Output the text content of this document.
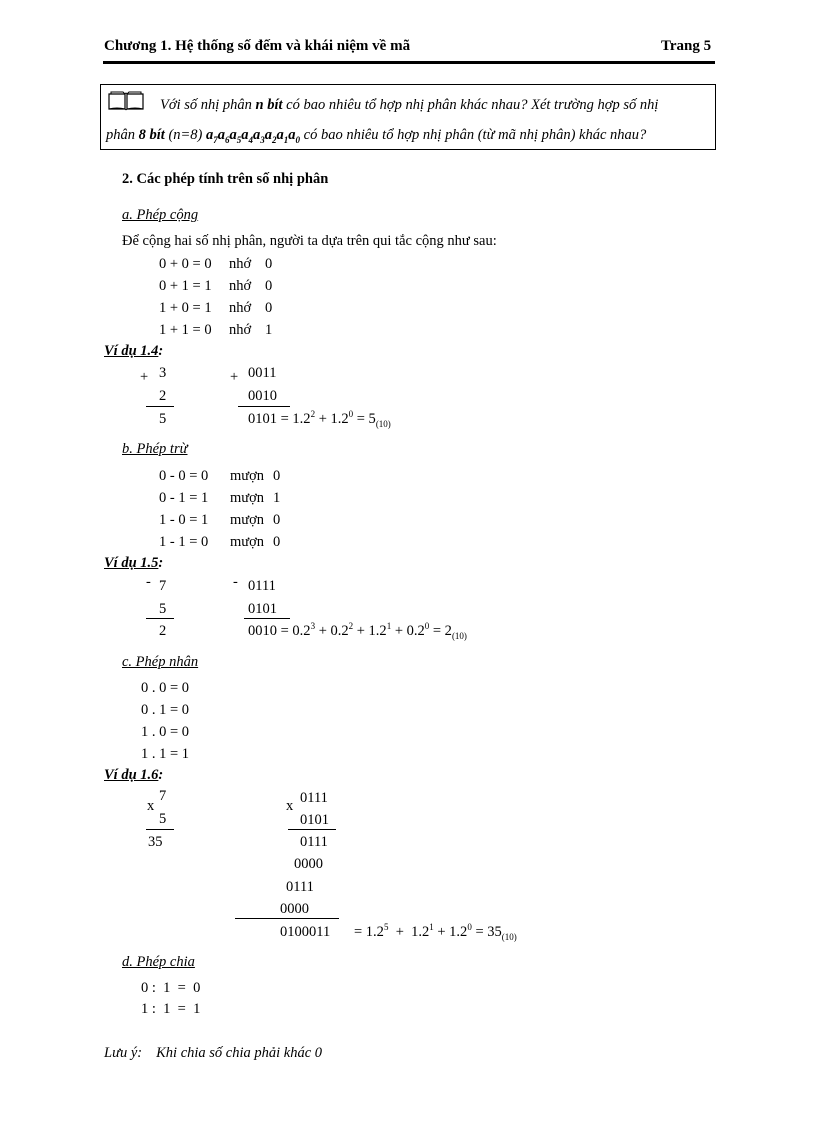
Chương 1. Hệ thống số đếm và khái niệm về mã	Trang 5
Với số nhị phân n bít có bao nhiêu tổ hợp nhị phân khác nhau? Xét trường hợp số nhị
phân 8 bít (n=8) $a_7a_6a_5a_4a_3a_2a_1a_0$ có bao nhiêu tổ hợp nhị phân (từ mã nhị phân) khác nhau?
2. Các phép tính trên số nhị phân
a. Phép cộng
Để cộng hai số nhị phân, người ta dựa trên qui tắc cộng như sau:
0 + 0 = 0 nhớ 0
0 + 1 = 1 nhớ 0
1 + 0 = 1 nhớ 0
1 + 1 = 0 nhớ 1
Ví dụ 1.4:
+ 3
2
5
+ 0011
0010
$0101 = 1.2^2 + 1.2^0 = 5_{(10)}$
b. Phép trừ
0 - 0 = 0 mượn 0
0 - 1 = 1 mượn 1
1 - 0 = 1 mượn 0
1 - 1 = 0 mượn 0
Ví dụ 1.5:
- 7
5
2
- 0111
0101
$0010 = 0.2^3 + 0.2^2 + 1.2^1 + 0.2^0 = 2_{(10)}$
c. Phép nhân
0 . 0 = 0
0 . 1 = 0
1 . 0 = 0
1 . 1 = 1
Ví dụ 1.6:
x
7
5
35
x 0111
0101
0111
0000
0111
0000
$0100011 = 1.2^5 + 1.2^1 + 1.2^0 = 35_{(10)}$
d. Phép chia
0 :  1  =  0
1 :  1  =  1
Lưu ý: Khi chia số chia phải khác 0
